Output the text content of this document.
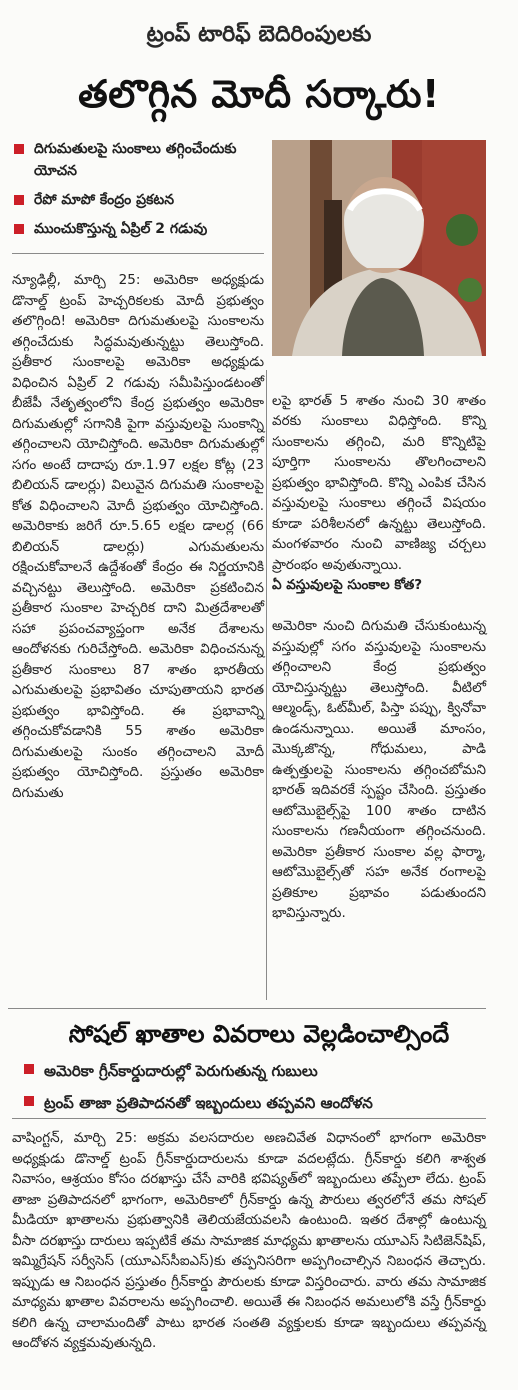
ట్రంప్ టారిఫ్ బెదిరింపులకు
తలొగ్గిన మోదీ సర్కారు!
దిగుమతులపై సుంకాలు తగ్గించేందుకు యోచన
రేపో మాపో కేంద్రం ప్రకటన
ముంచుకొస్తున్న ఏప్రిల్ 2 గడువు
న్యూఢిల్లీ, మార్చి 25: అమెరికా అధ్యక్షుడు డొనాల్డ్ ట్రంప్ హెచ్చరికలకు మోదీ ప్రభుత్వం తలొగ్గింది! అమెరికా దిగుమతులపై సుంకాలను తగ్గించేదుకు సిద్ధమవుతున్నట్టు తెలుస్తోంది. ప్రతీకార సుంకాలపై అమెరికా అధ్యక్షుడు విధించిన ఏప్రిల్ 2 గడువు సమీపిస్తుండటంతో బీజేపీ నేతృత్వంలోని కేంద్ర ప్రభుత్వం అమెరికా దిగుమతుల్లో సగానికి పైగా వస్తువులపై సుంకాన్ని తగ్గించాలని యోచిస్తోంది. అమెరికా దిగుమతుల్లో సగం అంటే దాదాపు రూ.1.97 లక్షల కోట్ల (23 బిలియన్ డాలర్లు) విలువైన దిగుమతి సుంకాలపై కోత విధించాలని మోదీ ప్రభుత్వం యోచిస్తోంది. అమెరికాకు జరిగే రూ.5.65 లక్షల డాలర్ల (66 బిలియన్ డాలర్లు) ఎగుమతులను రక్షించుకోవాలనే ఉద్దేశంతో కేంద్రం ఈ నిర్ణయానికి వచ్చినట్టు తెలుస్తోంది. అమెరికా ప్రకటించిన ప్రతీకార సుంకాల హెచ్చరిక దాని మిత్రదేశాలతో సహా ప్రపంచవ్యాప్తంగా అనేక దేశాలను ఆందోళనకు గురిచేస్తోంది. అమెరికా విధించనున్న ప్రతీకార సుంకాలు 87 శాతం భారతీయ ఎగుమతులపై ప్రభావితం చూపుతాయని భారత ప్రభుత్వం భావిస్తోంది. ఈ ప్రభావాన్ని తగ్గించుకోవడానికి 55 శాతం అమెరికా దిగుమతులపై సుంకం తగ్గించాలని మోదీ ప్రభుత్వం యోచిస్తోంది. ప్రస్తుతం అమెరికా దిగుమతు

లపై భారత్ 5 శాతం నుంచి 30 శాతం వరకు సుంకాలు విధిస్తోంది. కొన్ని సుంకాలను తగ్గించి, మరి కొన్నిటిపై పూర్తిగా సుంకాలను తొలగించాలని ప్రభుత్వం భావిస్తోంది. కొన్ని ఎంపిక చేసిన వస్తువులపై సుంకాలు తగ్గించే విషయం కూడా పరిశీలనలో ఉన్నట్టు తెలుస్తోంది. మంగళవారం నుంచి వాణిజ్య చర్చలు ప్రారంభం అవుతున్నాయి.

ఏ వస్తువులపై సుంకాల కోత?

అమెరికా నుంచి దిగుమతి చేసుకుంటున్న వస్తువుల్లో సగం వస్తువులపై సుంకాలను తగ్గించాలని కేంద్ర ప్రభుత్వం యోచిస్తున్నట్టు తెలుస్తోంది. వీటిలో ఆల్మండ్స్, ఓట్‌మీల్, పిస్తా పప్పు, క్వినోవా ఉండనున్నాయి. అయితే మాంసం, మొక్కజొన్న, గోధుమలు, పాడి ఉత్పత్తులపై సుంకాలను తగ్గించబోమని భారత్ ఇదివరకే స్పష్టం చేసింది. ప్రస్తుతం ఆటోమొబైల్స్‌పై 100 శాతం దాటిన సుంకాలను గణనీయంగా తగ్గించనుంది. అమెరికా ప్రతీకార సుంకాల వల్ల ఫార్మా, ఆటోమొబైల్స్‌తో సహ అనేక రంగాలపై ప్రతికూల ప్రభావం పడుతుందని భావిస్తున్నారు.

సోషల్ ఖాతాల వివరాలు వెల్లడించాల్సిందే
అమెరికా గ్రీన్‌కార్డుదారుల్లో పెరుగుతున్న గుబులు
ట్రంప్ తాజా ప్రతిపాదనతో ఇబ్బందులు తప్పవని ఆందోళన
వాషింగ్టన్, మార్చి 25: అక్రమ వలసదారుల అణచివేత విధానంలో భాగంగా అమెరికా అధ్యక్షుడు డొనాల్డ్ ట్రంప్ గ్రీన్‌కార్డుదారులను కూడా వదలట్లేదు. గ్రీన్‌కార్డు కలిగి శాశ్వత నివాసం, ఆశ్రయం కోసం దరఖాస్తు చేసే వారికి భవిష్యత్‌లో ఇబ్బందులు తప్పేలా లేదు. ట్రంప్ తాజా ప్రతిపాదనలో భాగంగా, అమెరికాలో గ్రీన్‌కార్డు ఉన్న పౌరులు త్వరలోనే తమ సోషల్ మీడియా ఖాతాలను ప్రభుత్వానికి తెలియజేయవలసి ఉంటుంది. ఇతర దేశాల్లో ఉంటున్న వీసా దరఖాస్తు దారులు ఇప్పటికే తమ సామాజిక మాధ్యమ ఖాతాలను యూఎస్ సిటిజెన్‌షిప్, ఇమ్మిగ్రేషన్ సర్వీసెస్ (యూఎస్‌సీఐఎస్)కు తప్పనిసరిగా అప్పగించాల్సిన నిబంధన తెచ్చారు. ఇప్పుడు ఆ నిబంధన ప్రస్తుతం గ్రీన్‌కార్డు పౌరులకు కూడా విస్తరించారు. వారు తమ సామాజిక మాధ్యమ ఖాతాల వివరాలను అప్పగించాలి. అయితే ఈ నిబంధన అమలులోకి వస్తే గ్రీన్‌కార్డు కలిగి ఉన్న చాలామందితో పాటు భారత సంతతి వ్యక్తులకు కూడా ఇబ్బందులు తప్పవన్న ఆందోళన వ్యక్తమవుతున్నది.
